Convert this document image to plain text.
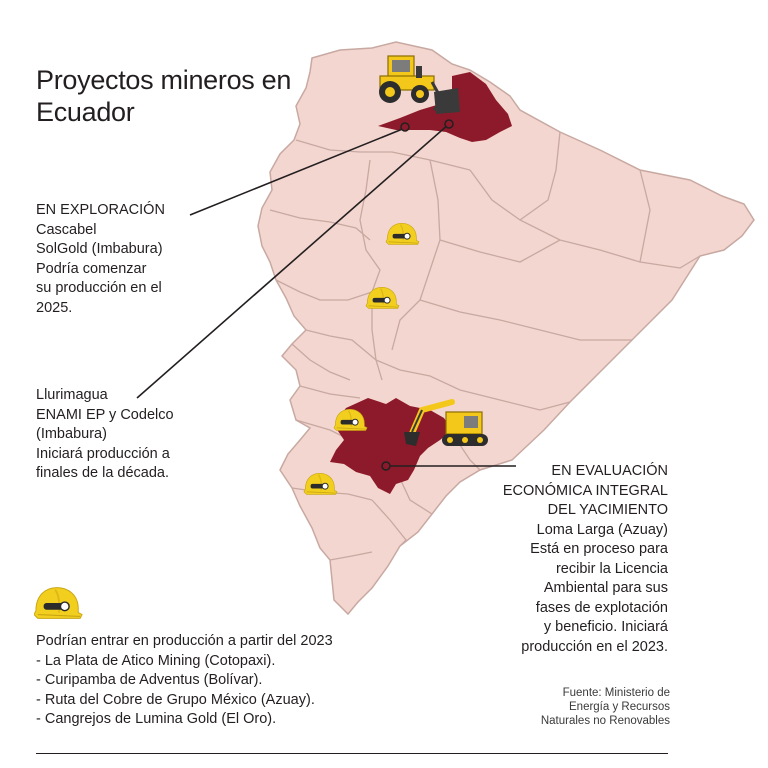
Proyectos mineros en
Ecuador
EN EXPLORACIÓN
Cascabel
SolGold (Imbabura)
Podría comenzar
su producción en el
2025.
Llurimagua
ENAMI EP y Codelco
(Imbabura)
Iniciará producción a
finales de la década.	EN EVALUACIÓN
ECONÓMICA INTEGRAL
DEL YACIMIENTO
Loma Larga (Azuay)
Está en proceso para
recibir la Licencia
Ambiental para sus
fases de explotación
y beneficio. Iniciará
producción en el 2023.
Podrían entrar en producción a partir del 2023
- La Plata de Atico Mining (Cotopaxi).
- Curipamba de Adventus (Bolívar).
- Ruta del Cobre de Grupo México (Azuay).
- Cangrejos de Lumina Gold (El Oro).
Fuente: Ministerio de
Energía y Recursos
Naturales no Renovables
